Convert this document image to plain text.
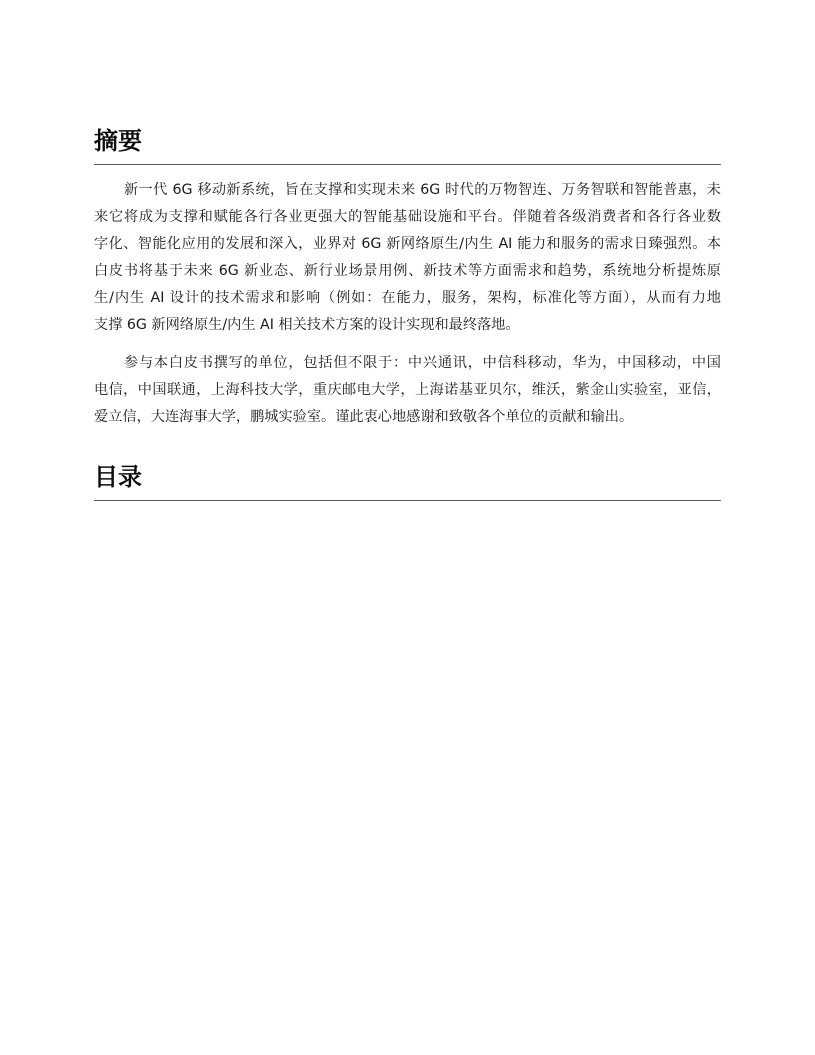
摘要
新一代 6G 移动新系统，旨在支撑和实现未来 6G 时代的万物智连、万务智联和智能普惠，未
来它将成为支撑和赋能各行各业更强大的智能基础设施和平台。伴随着各级消费者和各行各业数
字化、智能化应用的发展和深入，业界对 6G 新网络原生/内生 AI 能力和服务的需求日臻强烈。本
白皮书将基于未来 6G 新业态、新行业场景用例、新技术等方面需求和趋势，系统地分析提炼原
生/内生 AI 设计的技术需求和影响（例如：在能力，服务，架构，标准化等方面），从而有力地
支撑 6G 新网络原生/内生 AI 相关技术方案的设计实现和最终落地。
参与本白皮书撰写的单位，包括但不限于：中兴通讯，中信科移动，华为，中国移动，中国
电信，中国联通，上海科技大学，重庆邮电大学，上海诺基亚贝尔，维沃，紫金山实验室，亚信，
爱立信，大连海事大学，鹏城实验室。谨此衷心地感谢和致敬各个单位的贡献和输出。
目录
